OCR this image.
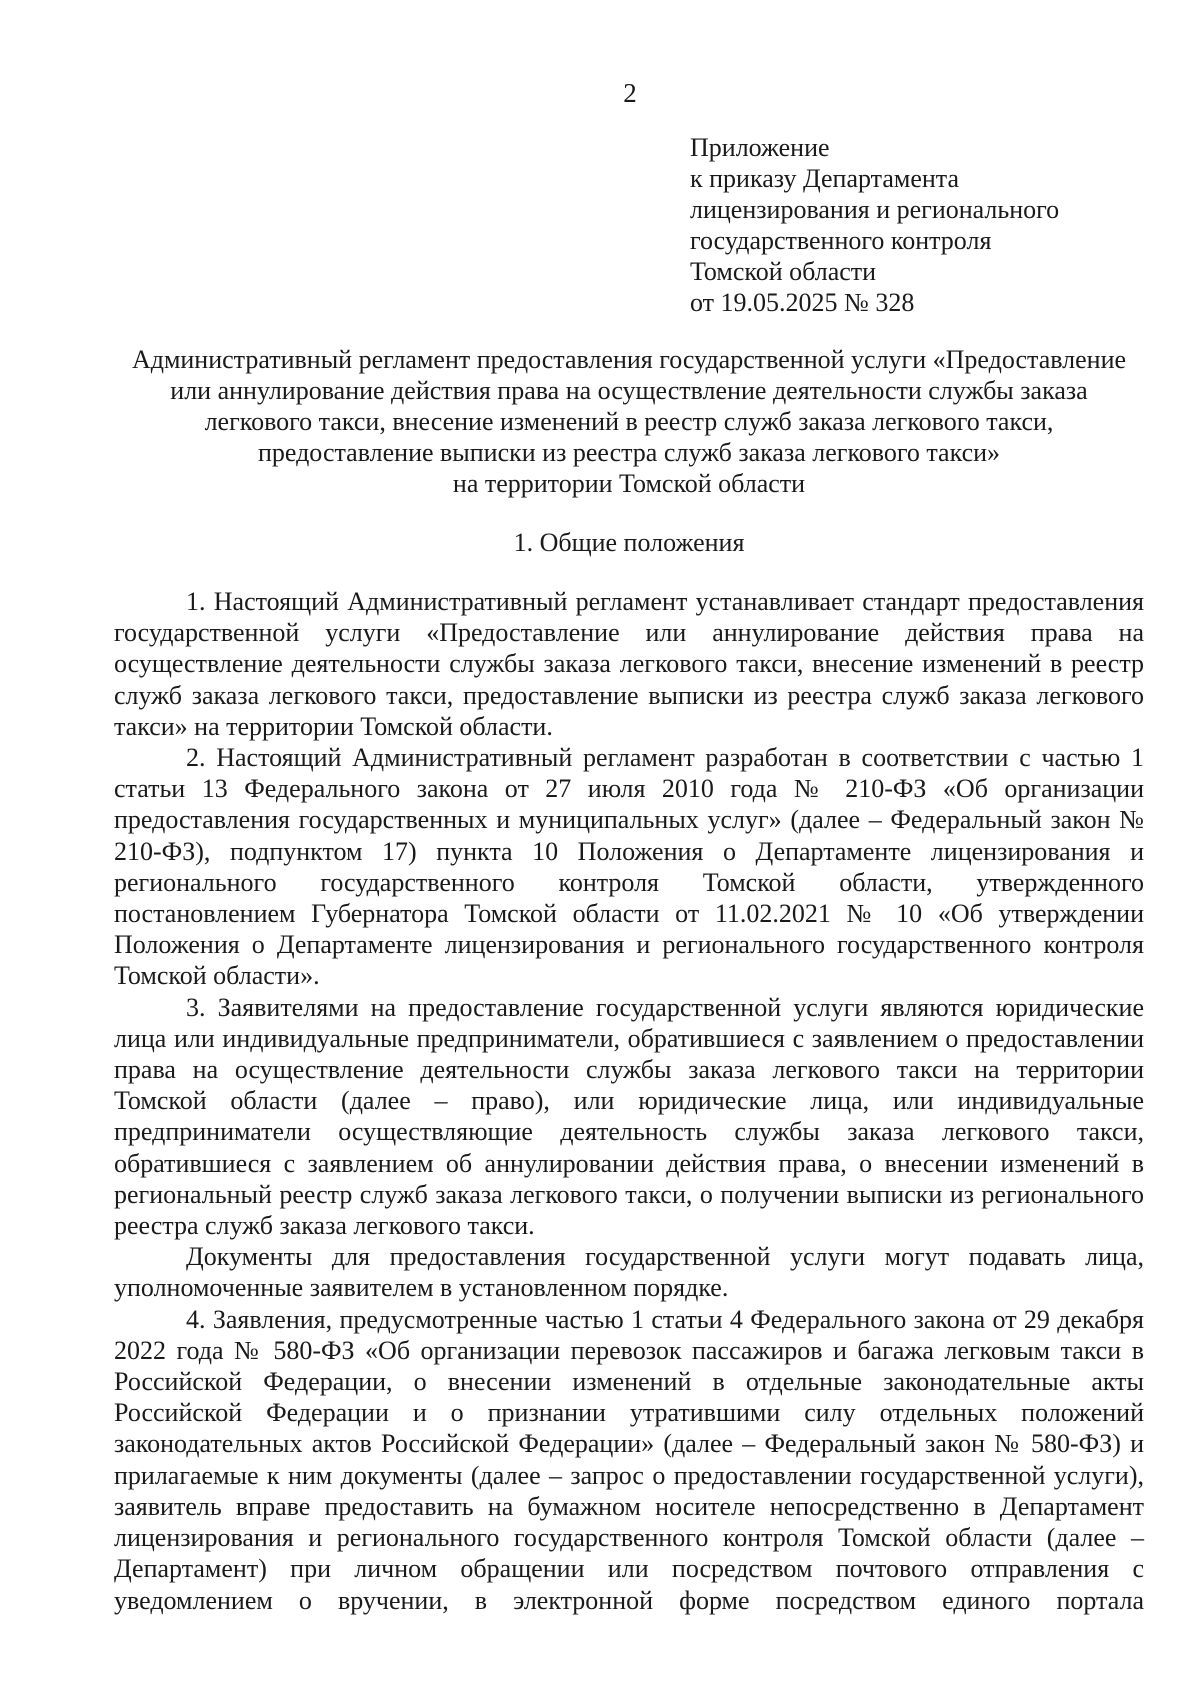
2
Приложение
к приказу Департамента
лицензирования и регионального
государственного контроля
Томской области
от 19.05.2025 № 328
Административный регламент предоставления государственной услуги «Предоставление
или аннулирование действия права на осуществление деятельности службы заказа
легкового такси, внесение изменений в реестр служб заказа легкового такси,
предоставление выписки из реестра служб заказа легкового такси»
на территории Томской области
1. Общие положения

1. Настоящий Административный регламент устанавливает стандарт предоставления государственной услуги «Предоставление или аннулирование действия права на осуществление деятельности службы заказа легкового такси, внесение изменений в реестр служб заказа легкового такси, предоставление выписки из реестра служб заказа легкового такси» на территории Томской области.

2. Настоящий Административный регламент разработан в соответствии с частью 1 статьи 13 Федерального закона от 27 июля 2010 года № 210-ФЗ «Об организации предоставления государственных и муниципальных услуг» (далее – Федеральный закон № 210-ФЗ), подпунктом 17) пункта 10 Положения о Департаменте лицензирования и регионального государственного контроля Томской области, утвержденного постановлением Губернатора Томской области от 11.02.2021 № 10 «Об утверждении Положения о Департаменте лицензирования и регионального государственного контроля Томской области».

3. Заявителями на предоставление государственной услуги являются юридические лица или индивидуальные предприниматели, обратившиеся с заявлением о предоставлении права на осуществление деятельности службы заказа легкового такси на территории Томской области (далее – право), или юридические лица, или индивидуальные предприниматели осуществляющие деятельность службы заказа легкового такси, обратившиеся с заявлением об аннулировании действия права, о внесении изменений в региональный реестр служб заказа легкового такси, о получении выписки из регионального реестра служб заказа легкового такси.

Документы для предоставления государственной услуги могут подавать лица, уполномоченные заявителем в установленном порядке.

4. Заявления, предусмотренные частью 1 статьи 4 Федерального закона от 29 декабря 2022 года № 580-ФЗ «Об организации перевозок пассажиров и багажа легковым такси в Российской Федерации, о внесении изменений в отдельные законодательные акты Российской Федерации и о признании утратившими силу отдельных положений законодательных актов Российской Федерации» (далее – Федеральный закон № 580-ФЗ) и прилагаемые к ним документы (далее – запрос о предоставлении государственной услуги), заявитель вправе предоставить на бумажном носителе непосредственно в Департамент лицензирования и регионального государственного контроля Томской области (далее – Департамент) при личном обращении или посредством почтового отправления с уведомлением о вручении, в электронной форме посредством единого портала
